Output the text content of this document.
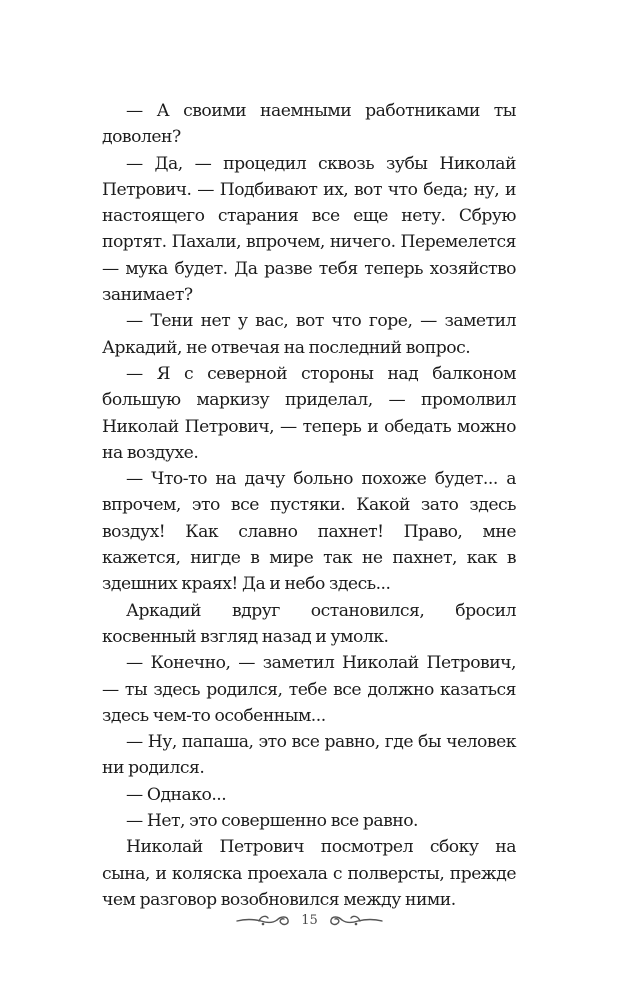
— А своими наемными работниками ты доволен?

— Да, — процедил сквозь зубы Николай Петрович. — Подбивают их, вот что беда; ну, и настоящего старания все еще нету. Сбрую портят. Пахали, впрочем, ничего. Перемелется — мука будет. Да разве тебя теперь хозяйство занимает?

— Тени нет у вас, вот что горе, — заметил Аркадий, не отвечая на последний вопрос.

— Я с северной стороны над балконом большую маркизу приделал, — промолвил Николай Петрович, — теперь и обедать можно на воздухе.

— Что-то на дачу больно похоже будет... а впрочем, это все пустяки. Какой зато здесь воздух! Как славно пахнет! Право, мне кажется, нигде в мире так не пахнет, как в здешних краях! Да и небо здесь...

Аркадий вдруг остановился, бросил косвенный взгляд назад и умолк.

— Конечно, — заметил Николай Петрович, — ты здесь родился, тебе все должно казаться здесь чем-то особенным...

— Ну, папаша, это все равно, где бы человек ни родился.

— Однако...

— Нет, это совершенно все равно.

Николай Петрович посмотрел сбоку на сына, и коляска проехала с полверсты, прежде чем разговор возобновился между ними.

15
